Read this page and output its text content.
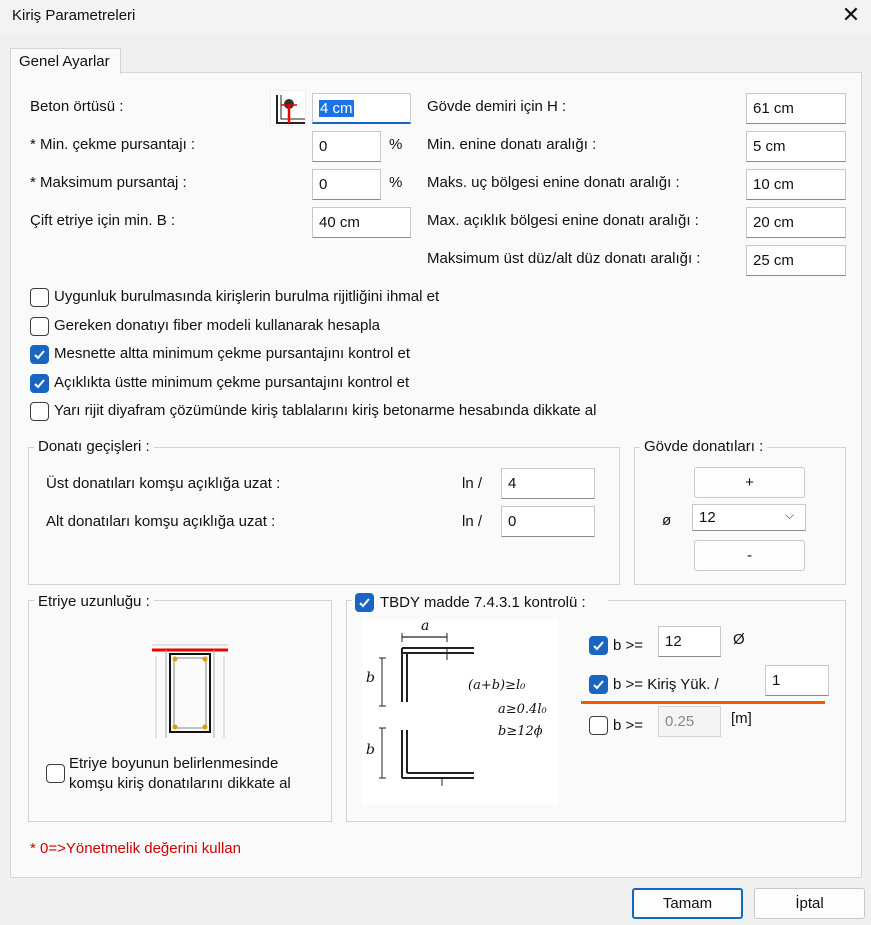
Kiriş Parametreleri	✕
Genel Ayarlar
Beton örtüsü :	4 cm
* Min. çekme pursantajı :	0	%
* Maksimum pursantaj :	0	%
Çift etriye için min. B :	40 cm
Gövde demiri için H :	61 cm
Min. enine donatı aralığı :	5 cm
Maks. uç bölgesi enine donatı aralığı :	10 cm
Max. açıklık bölgesi enine donatı aralığı :	20 cm
Maksimum üst düz/alt düz donatı aralığı :	25 cm
Uygunluk burulmasında kirişlerin burulma rijitliğini ihmal et
Gereken donatıyı fiber modeli kullanarak hesapla
Mesnette altta minimum çekme pursantajını kontrol et
Açıklıkta üstte minimum çekme pursantajını kontrol et
Yarı rijit diyafram çözümünde kiriş tablalarını kiriş betonarme hesabında dikkate al
Donatı geçişleri :
Üst donatıları komşu açıklığa uzat :	ln /	4
Alt donatıları komşu açıklığa uzat :	ln /	0
Gövde donatıları :
+
ø	12	⌵
-
Etriye uzunluğu :
Etriye boyunun belirlenmesinde
komşu kiriş donatılarını dikkate al
TBDY madde 7.4.3.1 kontrolü :
a
b
b
(a+b)≥l₀
a≥0.4l₀
b≥12ϕ
b >=	12	Ø
b >= Kiriş Yük. /	1
b >=	0.25	[m]
* 0=>Yönetmelik değerini kullan
Tamam	İptal
